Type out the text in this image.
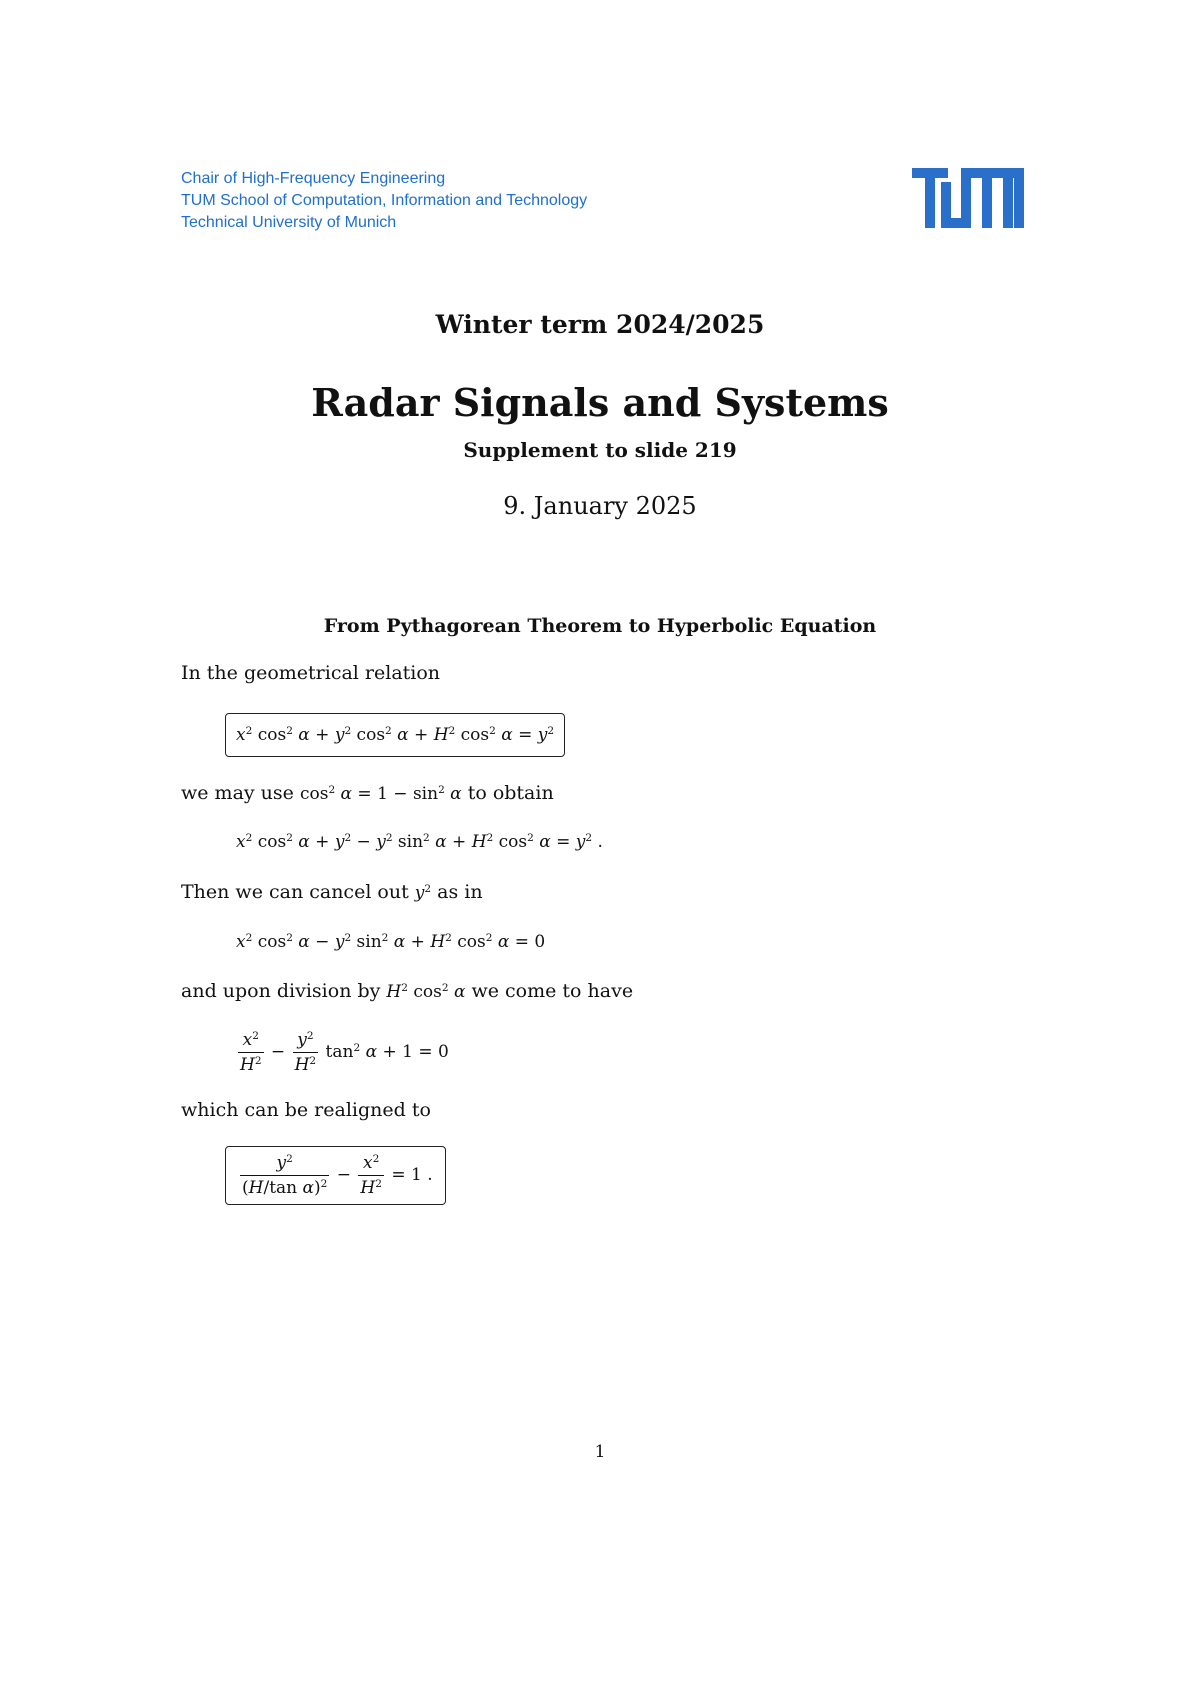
Chair of High-Frequency Engineering
TUM School of Computation, Information and Technology
Technical University of Munich
Winter term 2024/2025
Radar Signals and Systems
Supplement to slide 219
9. January 2025
From Pythagorean Theorem to Hyperbolic Equation
In the geometrical relation
$x^2$ $\cos^2 \alpha + y^2$ $\cos^2 \alpha + H^2$ $\cos^2 \alpha = y^2$
we may use $\cos^2 \alpha = 1 - \sin^2 \alpha$ to obtain
$x^2$ $\cos^2 \alpha + y^2 - y^2$ $\sin^2 \alpha + H^2$ $\cos^2 \alpha = y^2$ .
Then we can cancel out $y^2$ as in
$x^2$ $\cos^2 \alpha - y^2$ $\sin^2 \alpha + H^2$ $\cos^2 \alpha = 0$
and upon division by $H^2$ $\cos^2 \alpha$ we come to have
$\frac{x^2}{H^2} - \frac{y^2}{H^2} \tan^2 \alpha + 1 = 0$
which can be realigned to
$\frac{y^2}{(H/\tan \alpha)^2} - \frac{x^2}{H^2} = 1$ .
1
